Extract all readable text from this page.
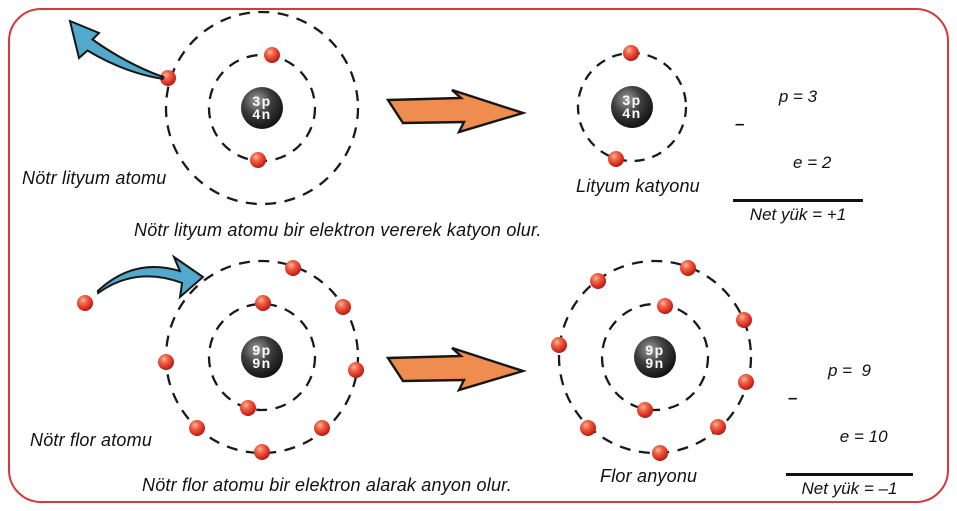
3p
4n
3p
4n
9p
9n
9p
9n
Nötr lityum atomu	Lityum katyonu
Nötr lityum atomu bir elektron vererek katyon olur.
Nötr flor atomu
Flor anyonu
Nötr flor atomu bir elektron alarak anyon olur.
p = 3

–

e = 2

Net yük = +1
p =  9

–

e = 10

Net yük = –1
